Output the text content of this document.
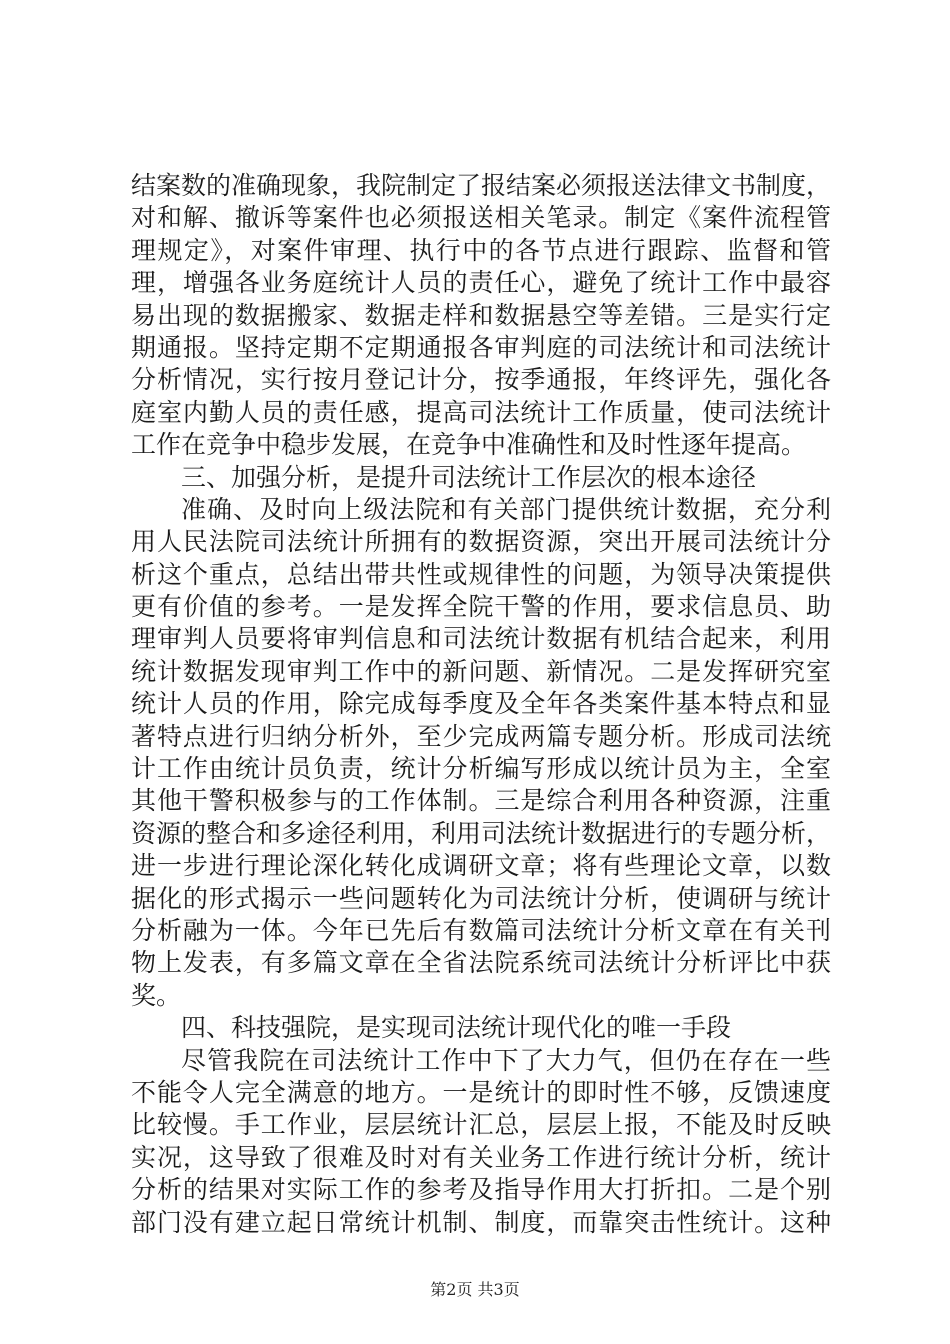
结案数的准确现象，我院制定了报结案必须报送法律文书制度，
对和解、撤诉等案件也必须报送相关笔录。制定《案件流程管
理规定》，对案件审理、执行中的各节点进行跟踪、监督和管
理，增强各业务庭统计人员的责任心，避免了统计工作中最容
易出现的数据搬家、数据走样和数据悬空等差错。三是实行定
期通报。坚持定期不定期通报各审判庭的司法统计和司法统计
分析情况，实行按月登记计分，按季通报，年终评先，强化各
庭室内勤人员的责任感，提高司法统计工作质量，使司法统计
工作在竞争中稳步发展，在竞争中准确性和及时性逐年提高。
三、加强分析，是提升司法统计工作层次的根本途径
准确、及时向上级法院和有关部门提供统计数据，充分利
用人民法院司法统计所拥有的数据资源，突出开展司法统计分
析这个重点，总结出带共性或规律性的问题，为领导决策提供
更有价值的参考。一是发挥全院干警的作用，要求信息员、助
理审判人员要将审判信息和司法统计数据有机结合起来，利用
统计数据发现审判工作中的新问题、新情况。二是发挥研究室
统计人员的作用，除完成每季度及全年各类案件基本特点和显
著特点进行归纳分析外，至少完成两篇专题分析。形成司法统
计工作由统计员负责，统计分析编写形成以统计员为主，全室
其他干警积极参与的工作体制。三是综合利用各种资源，注重
资源的整合和多途径利用，利用司法统计数据进行的专题分析，
进一步进行理论深化转化成调研文章；将有些理论文章，以数
据化的形式揭示一些问题转化为司法统计分析，使调研与统计
分析融为一体。今年已先后有数篇司法统计分析文章在有关刊
物上发表，有多篇文章在全省法院系统司法统计分析评比中获
奖。
四、科技强院，是实现司法统计现代化的唯一手段
尽管我院在司法统计工作中下了大力气，但仍在存在一些
不能令人完全满意的地方。一是统计的即时性不够，反馈速度
比较慢。手工作业，层层统计汇总，层层上报，不能及时反映
实况，这导致了很难及时对有关业务工作进行统计分析，统计
分析的结果对实际工作的参考及指导作用大打折扣。二是个别
部门没有建立起日常统计机制、制度，而靠突击性统计。这种
第2页 共3页
